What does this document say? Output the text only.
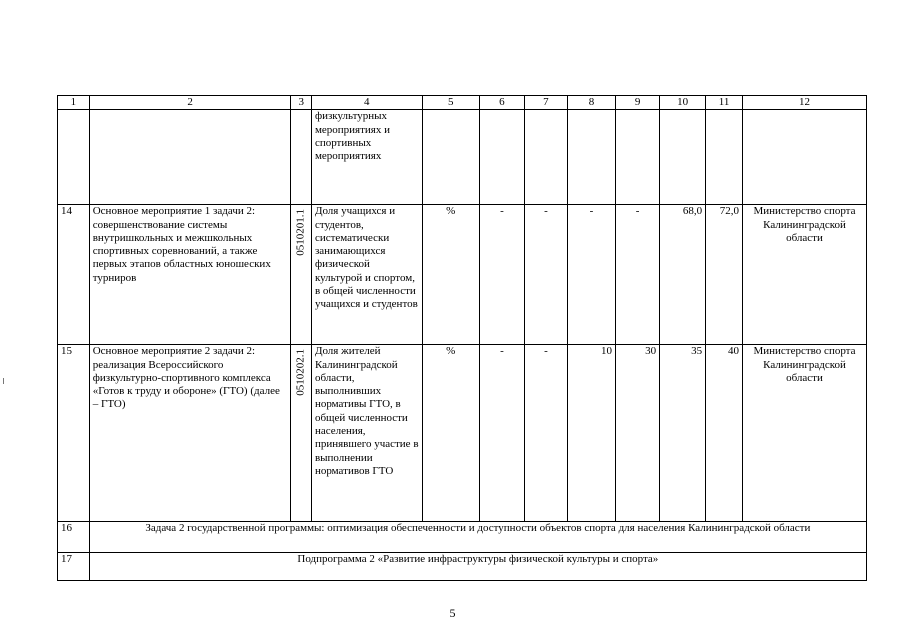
1	2	3	4	5	6	7	8	9	10	11	12
			физкультурных мероприятиях и спортивных мероприятиях								
14	Основное мероприятие 1 задачи 2: совершенствование системы внутришкольных и межшкольных спортивных соревнований, а также первых этапов областных юношеских турниров	0510201.1	Доля учащихся и студентов, систематически занимающихся физической культурой и спортом, в общей численности учащихся и студентов	%	-	-	-	-	68,0	72,0	Министерство спорта Калининградской области
15	Основное мероприятие 2 задачи 2: реализация Всероссийского физкультурно-спортивного комплекса «Готов к труду и обороне» (ГТО) (далее – ГТО)	0510202.1	Доля жителей Калининградской области, выполнивших нормативы ГТО, в общей численности населения, принявшего участие в выполнении нормативов ГТО	%	-	-	10	30	35	40	Министерство спорта Калининградской области
16	Задача 2 государственной программы: оптимизация обеспеченности и доступности объектов спорта для населения Калининградской области										
17	Подпрограмма 2 «Развитие инфраструктуры физической культуры и спорта»										
5
